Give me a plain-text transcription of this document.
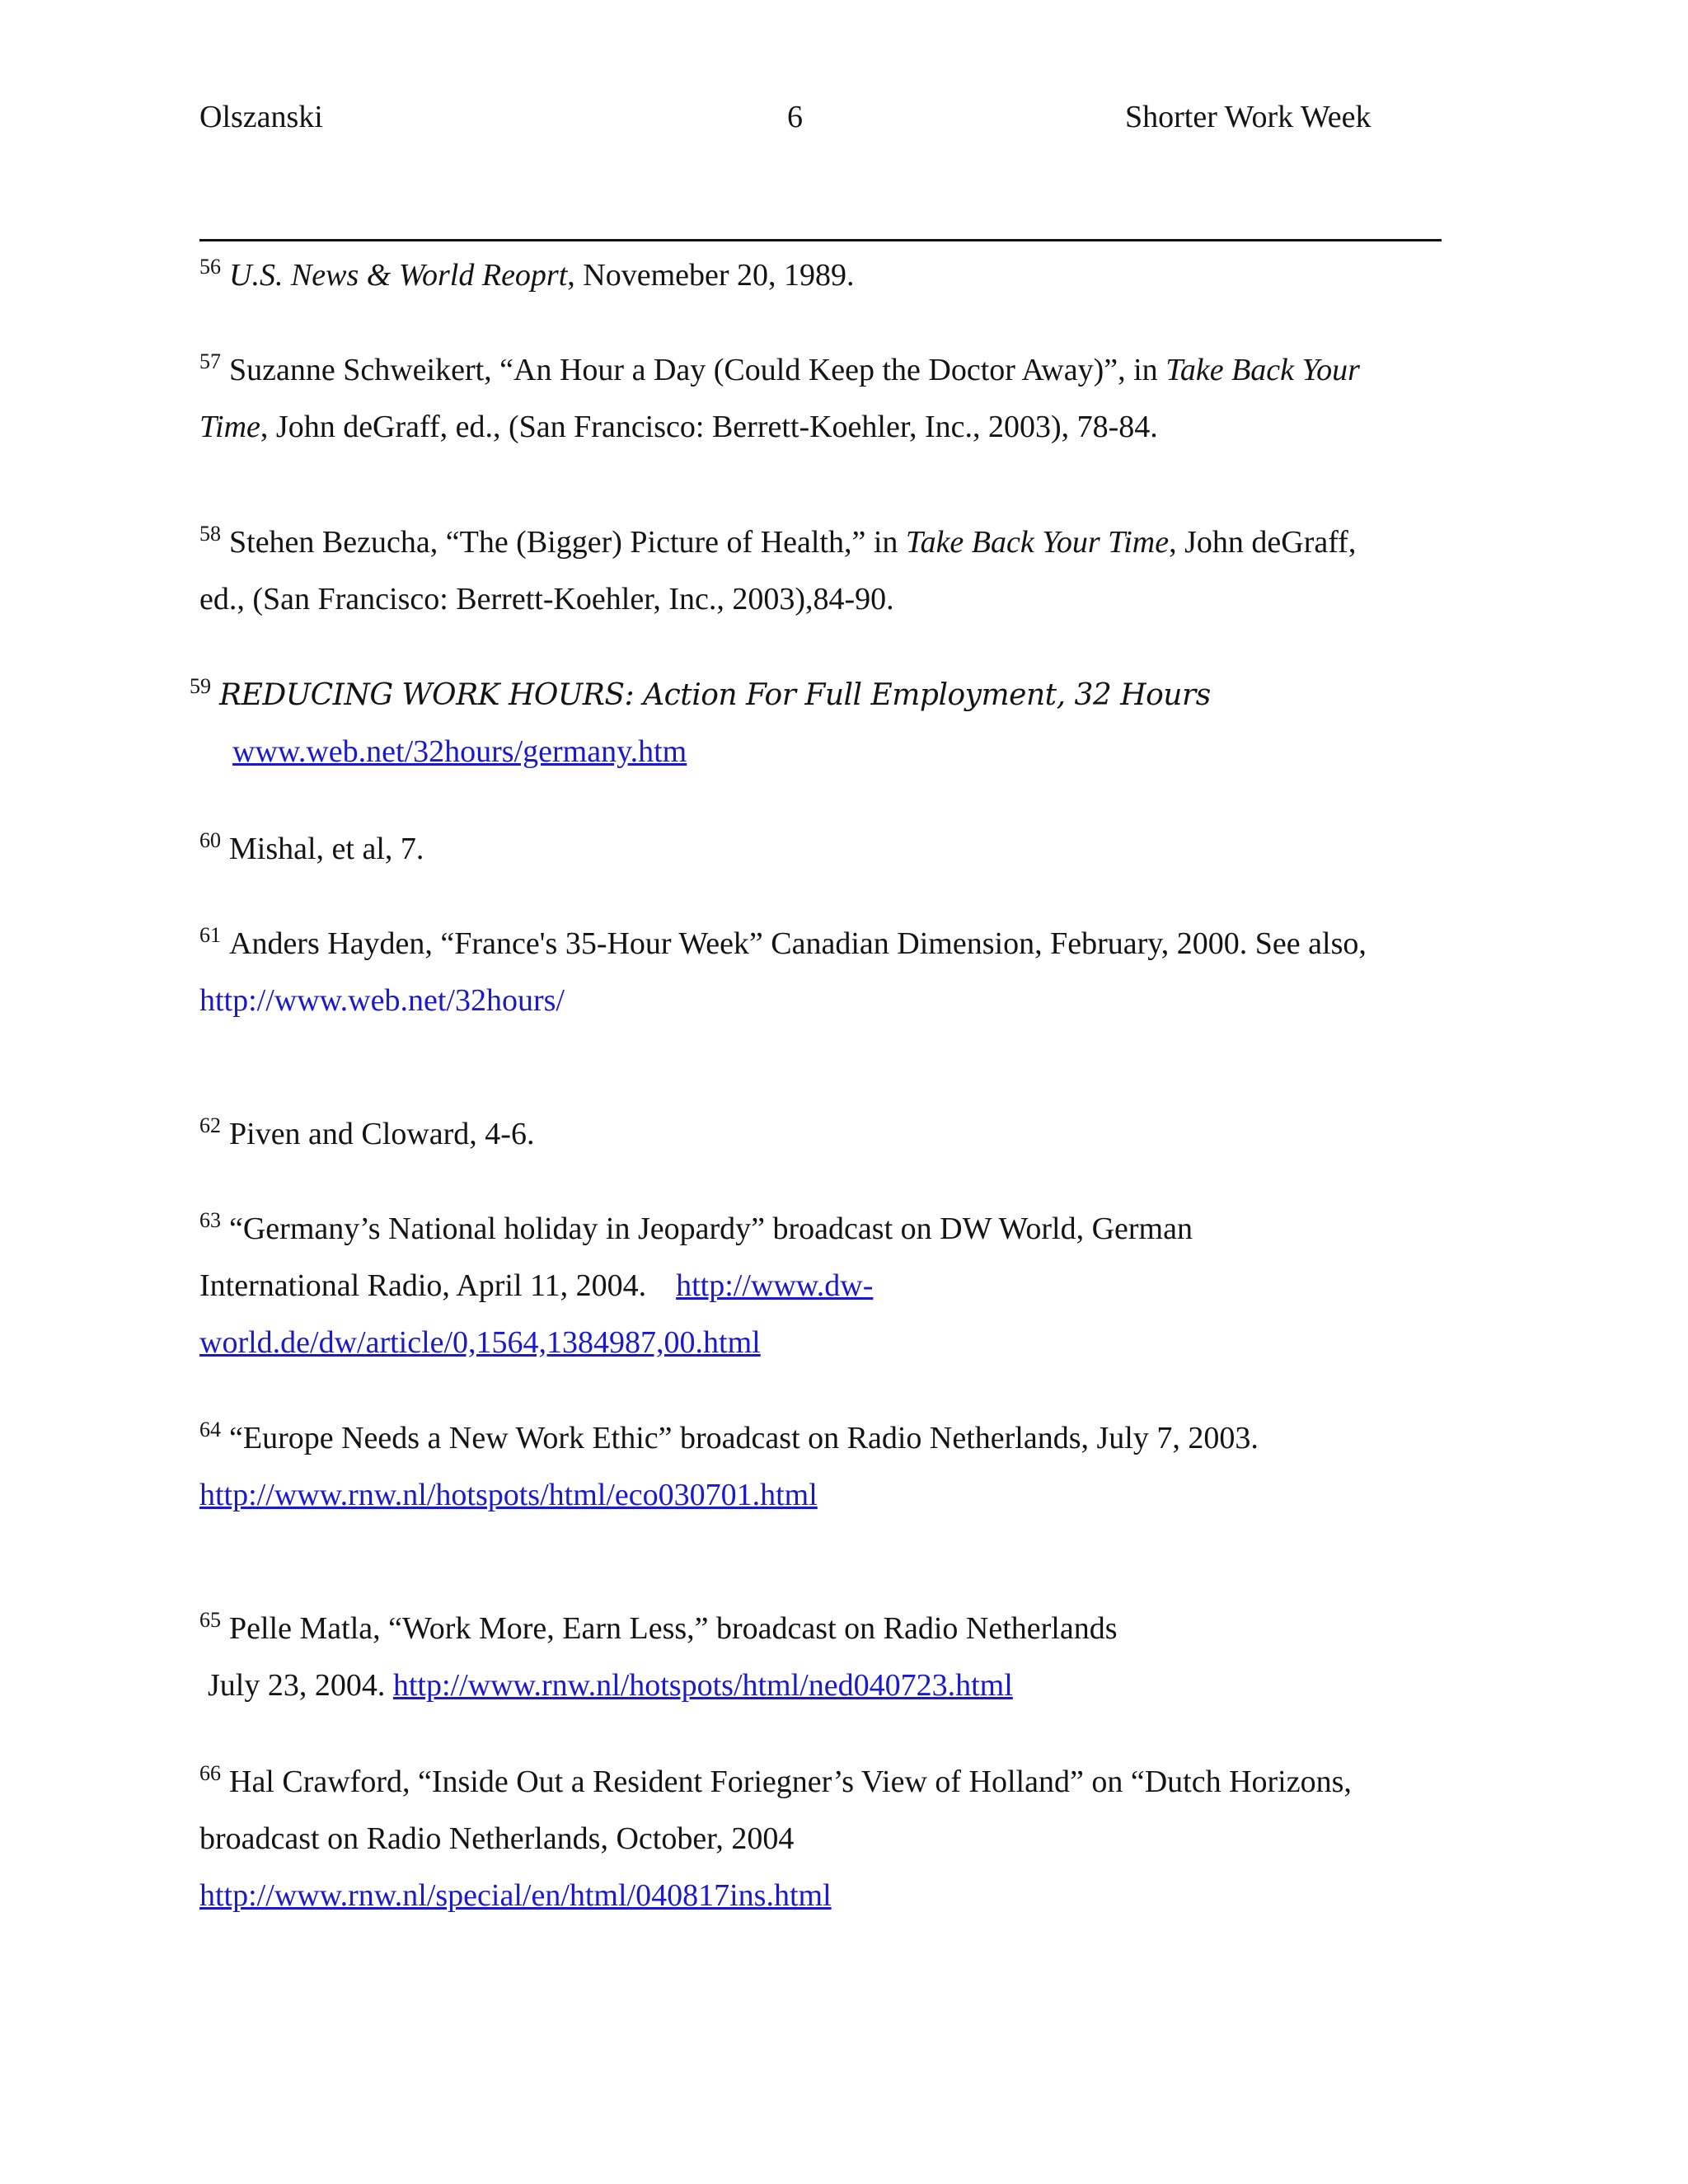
Olszanski	6	Shorter Work Week
$^{56}$ U.S. News & World Reoprt, Novemeber 20, 1989.
$^{57}$ Suzanne Schweikert, “An Hour a Day (Could Keep the Doctor Away)”, in Take Back Your
Time, John deGraff, ed., (San Francisco: Berrett-Koehler, Inc., 2003), 78-84.
$^{58}$ Stehen Bezucha, “The (Bigger) Picture of Health,” in Take Back Your Time, John deGraff,
ed., (San Francisco: Berrett-Koehler, Inc., 2003),84-90.
$^{59}$ REDUCING WORK HOURS: Action For Full Employment, 32 Hours
www.web.net/32hours/germany.htm
$^{60}$ Mishal, et al, 7.
$^{61}$ Anders Hayden, “France's 35-Hour Week” Canadian Dimension, February, 2000. See also,
http://www.web.net/32hours/
$^{62}$ Piven and Cloward, 4-6.
$^{63}$ “Germany’s National holiday in Jeopardy” broadcast on DW World, German
International Radio, April 11, 2004. http://www.dw-
world.de/dw/article/0,1564,1384987,00.html
$^{64}$ “Europe Needs a New Work Ethic” broadcast on Radio Netherlands, July 7, 2003.
http://www.rnw.nl/hotspots/html/eco030701.html
$^{65}$ Pelle Matla, “Work More, Earn Less,” broadcast on Radio Netherlands
July 23, 2004. http://www.rnw.nl/hotspots/html/ned040723.html
$^{66}$ Hal Crawford, “Inside Out a Resident Foriegner’s View of Holland” on “Dutch Horizons,
broadcast on Radio Netherlands, October, 2004
http://www.rnw.nl/special/en/html/040817ins.html
